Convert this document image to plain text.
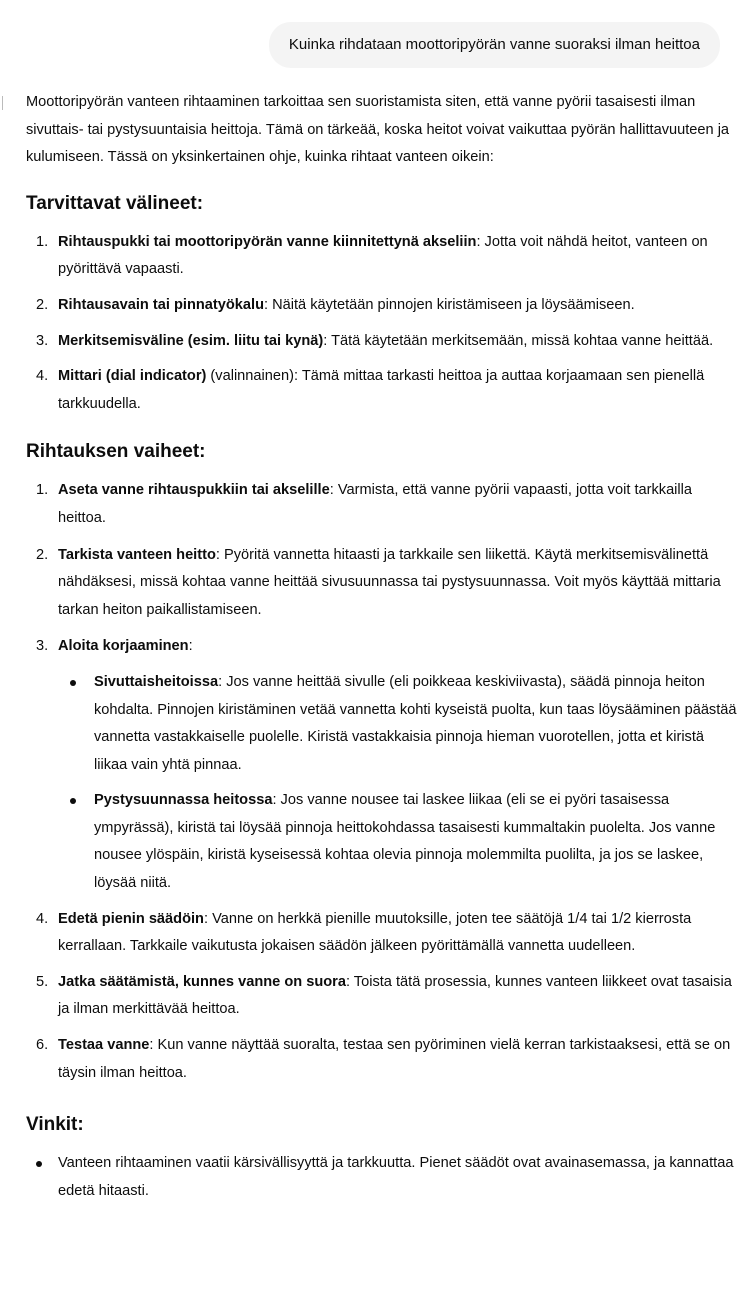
Kuinka rihdataan moottoripyörän vanne suoraksi ilman heittoa

Moottoripyörän vanteen rihtaaminen tarkoittaa sen suoristamista siten, että vanne pyörii tasaisesti ilman sivuttais- tai pystysuuntaisia heittoja. Tämä on tärkeää, koska heitot voivat vaikuttaa pyörän hallittavuuteen ja kulumiseen. Tässä on yksinkertainen ohje, kuinka rihtaat vanteen oikein:

Tarvittavat välineet:
1. Rihtauspukki tai moottoripyörän vanne kiinnitettynä akseliin: Jotta voit nähdä heitot, vanteen on pyörittävä vapaasti.
2. Rihtausavain tai pinnatyökalu: Näitä käytetään pinnojen kiristämiseen ja löysäämiseen.
3. Merkitsemisväline (esim. liitu tai kynä): Tätä käytetään merkitsemään, missä kohtaa vanne heittää.
4. Mittari (dial indicator) (valinnainen): Tämä mittaa tarkasti heittoa ja auttaa korjaamaan sen pienellä tarkkuudella.
Rihtauksen vaiheet:
1. Aseta vanne rihtauspukkiin tai akselille: Varmista, että vanne pyörii vapaasti, jotta voit tarkkailla heittoa.
2. Tarkista vanteen heitto: Pyöritä vannetta hitaasti ja tarkkaile sen liikettä. Käytä merkitsemisvälinettä nähdäksesi, missä kohtaa vanne heittää sivusuunnassa tai pystysuunnassa. Voit myös käyttää mittaria tarkan heiton paikallistamiseen.
3. Aloita korjaaminen:
Sivuttaisheitoissa: Jos vanne heittää sivulle (eli poikkeaa keskiviivasta), säädä pinnoja heiton kohdalta. Pinnojen kiristäminen vetää vannetta kohti kyseistä puolta, kun taas löysääminen päästää vannetta vastakkaiselle puolelle. Kiristä vastakkaisia pinnoja hieman vuorotellen, jotta et kiristä liikaa vain yhtä pinnaa.
Pystysuunnassa heitossa: Jos vanne nousee tai laskee liikaa (eli se ei pyöri tasaisessa ympyrässä), kiristä tai löysää pinnoja heittokohdassa tasaisesti kummaltakin puolelta. Jos vanne nousee ylöspäin, kiristä kyseisessä kohtaa olevia pinnoja molemmilta puolilta, ja jos se laskee, löysää niitä.
4. Edetä pienin säädöin: Vanne on herkkä pienille muutoksille, joten tee säätöjä 1/4 tai 1/2 kierrosta kerrallaan. Tarkkaile vaikutusta jokaisen säädön jälkeen pyörittämällä vannetta uudelleen.
5. Jatka säätämistä, kunnes vanne on suora: Toista tätä prosessia, kunnes vanteen liikkeet ovat tasaisia ja ilman merkittävää heittoa.
6. Testaa vanne: Kun vanne näyttää suoralta, testaa sen pyöriminen vielä kerran tarkistaaksesi, että se on täysin ilman heittoa.
Vinkit:
Vanteen rihtaaminen vaatii kärsivällisyyttä ja tarkkuutta. Pienet säädöt ovat avainasemassa, ja kannattaa edetä hitaasti.
